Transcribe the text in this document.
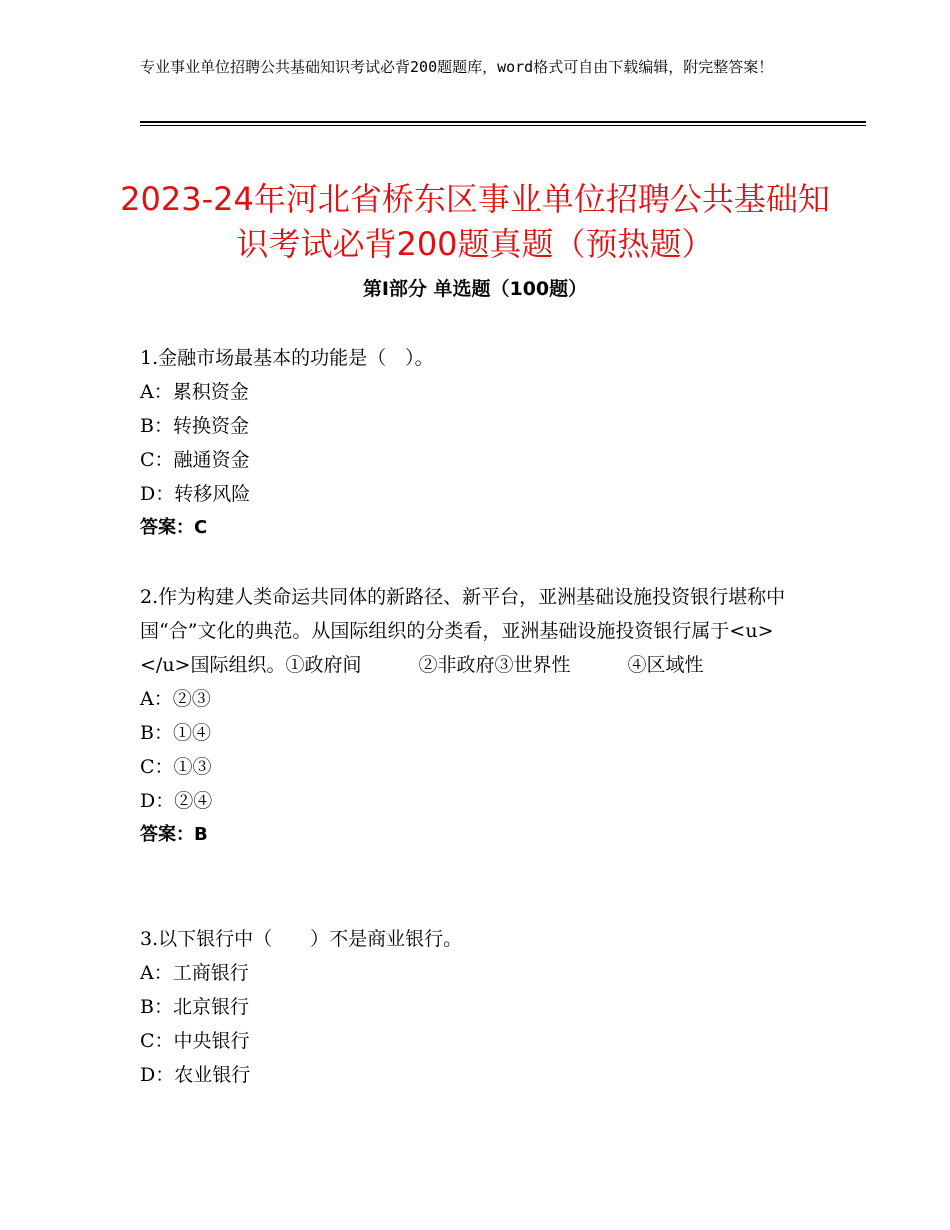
专业事业单位招聘公共基础知识考试必背200题题库，word格式可自由下载编辑，附完整答案！
2023-24年河北省桥东区事业单位招聘公共基础知识考试必背200题真题（预热题）
第Ⅰ部分 单选题（100题）

1.金融市场最基本的功能是（　）。

A：累积资金

B：转换资金

C：融通资金

D：转移风险

答案：C

2.作为构建人类命运共同体的新路径、新平台，亚洲基础设施投资银行堪称中国“合”文化的典范。从国际组织的分类看，亚洲基础设施投资银行属于<u>　　　　　</u>国际组织。①政府间　　　②非政府③世界性　　　④区域性

A：②③

B：①④

C：①③

D：②④

答案：B

3.以下银行中（　　）不是商业银行。

A：工商银行

B：北京银行

C：中央银行

D：农业银行
